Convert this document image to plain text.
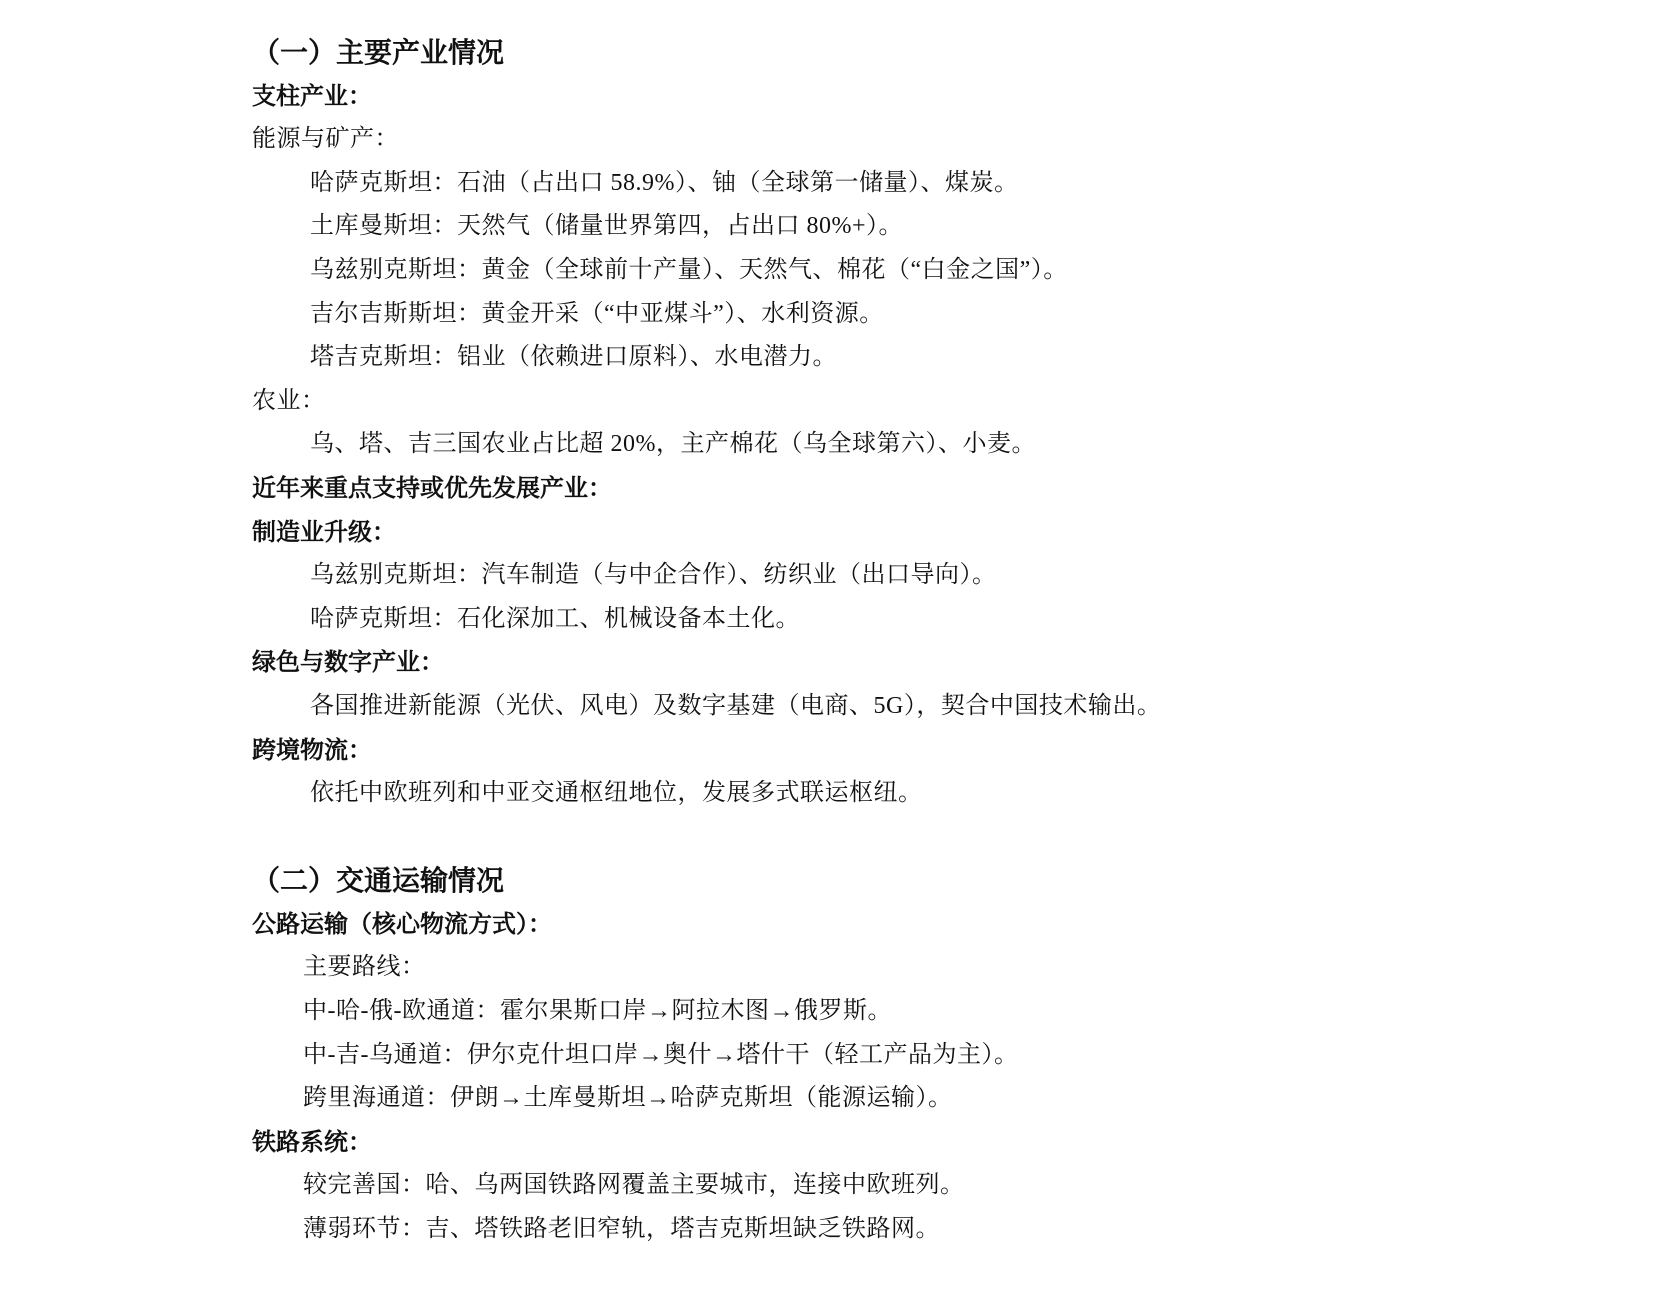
（一）主要产业情况
支柱产业：
能源与矿产：
哈萨克斯坦：石油（占出口 58.9%）、铀（全球第一储量）、煤炭。
土库曼斯坦：天然气（储量世界第四，占出口 80%+）。
乌兹别克斯坦：黄金（全球前十产量）、天然气、棉花（“白金之国”）。
吉尔吉斯斯坦：黄金开采（“中亚煤斗”）、水利资源。
塔吉克斯坦：铝业（依赖进口原料）、水电潜力。
农业：
乌、塔、吉三国农业占比超 20%，主产棉花（乌全球第六）、小麦。
近年来重点支持或优先发展产业：
制造业升级：
乌兹别克斯坦：汽车制造（与中企合作）、纺织业（出口导向）。
哈萨克斯坦：石化深加工、机械设备本土化。
绿色与数字产业：
各国推进新能源（光伏、风电）及数字基建（电商、5G），契合中国技术输出。
跨境物流：
依托中欧班列和中亚交通枢纽地位，发展多式联运枢纽。
（二）交通运输情况
公路运输（核心物流方式）：
主要路线：
中-哈-俄-欧通道：霍尔果斯口岸→阿拉木图→俄罗斯。
中-吉-乌通道：伊尔克什坦口岸→奥什→塔什干（轻工产品为主）。
跨里海通道：伊朗→土库曼斯坦→哈萨克斯坦（能源运输）。
铁路系统：
较完善国：哈、乌两国铁路网覆盖主要城市，连接中欧班列。
薄弱环节：吉、塔铁路老旧窄轨，塔吉克斯坦缺乏铁路网。
